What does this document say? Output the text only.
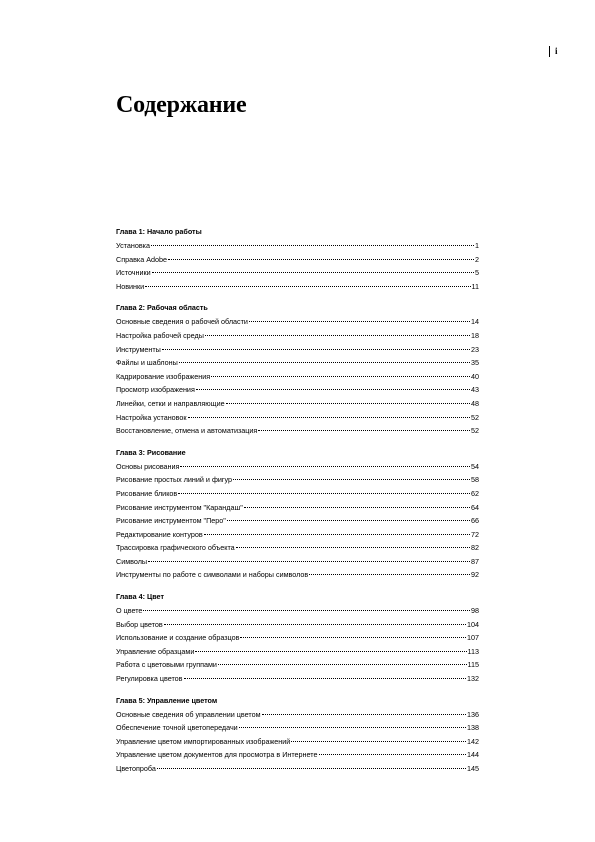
i
Содержание
Глава 1: Начало работы
Установка	1
Справка Adobe	2
Источники	5
Новинки	11
Глава 2: Рабочая область
Основные сведения о рабочей области	14
Настройка рабочей среды	18
Инструменты	23
Файлы и шаблоны	35
Кадрирование изображения	40
Просмотр изображения	43
Линейки, сетки и направляющие	48
Настройка установок	52
Восстановление, отмена и автоматизация	52
Глава 3: Рисование
Основы рисования	54
Рисование простых линий и фигур	58
Рисование бликов	62
Рисование инструментом "Карандаш"	64
Рисование инструментом "Перо"	66
Редактирование контуров	72
Трассировка графического объекта	82
Символы	87
Инструменты по работе с символами и наборы символов	92
Глава 4: Цвет
О цвете	98
Выбор цветов	104
Использование и создание образцов	107
Управление образцами	113
Работа с цветовыми группами	115
Регулировка цветов	132
Глава 5: Управление цветом
Основные сведения об управлении цветом	136
Обеспечение точной цветопередачи	138
Управление цветом импортированных изображений	142
Управление цветом документов для просмотра в Интернете	144
Цветопроба	145
